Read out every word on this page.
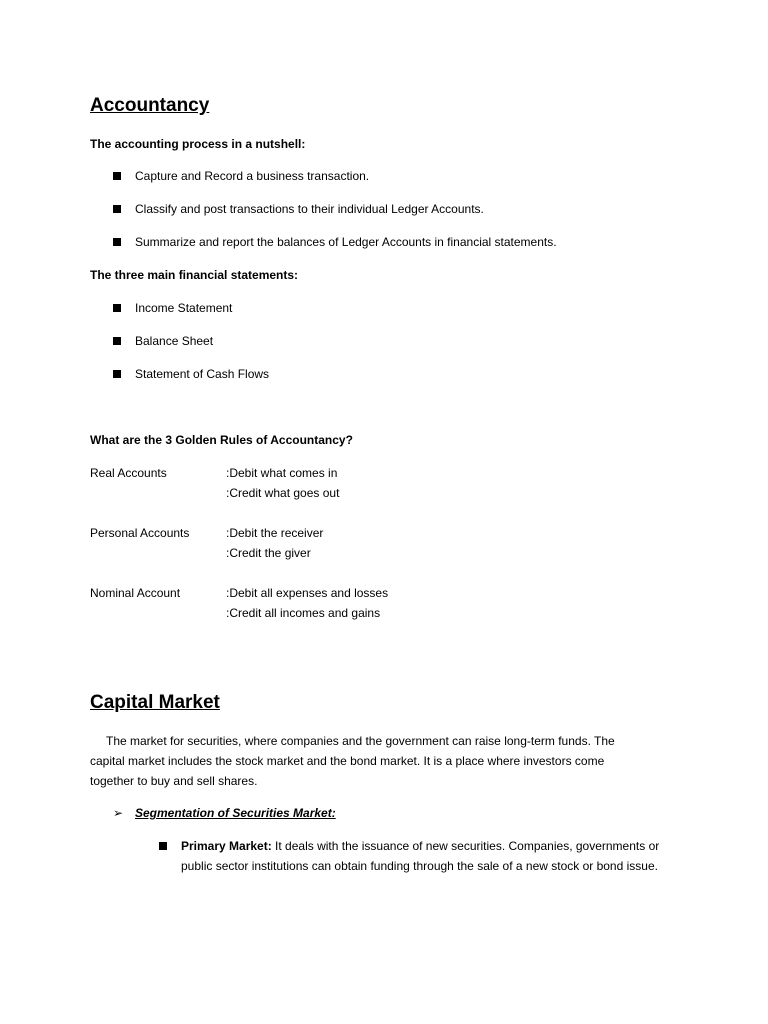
Accountancy
The accounting process in a nutshell:
Capture and Record a business transaction.
Classify and post transactions to their individual Ledger Accounts.
Summarize and report the balances of Ledger Accounts in financial statements.
The three main financial statements:
Income Statement
Balance Sheet
Statement of Cash Flows
What are the 3 Golden Rules of Accountancy?
Real Accounts	:Debit what comes in
:Credit what goes out
Personal Accounts	:Debit the receiver
:Credit the giver
Nominal Account	:Debit all expenses and losses
:Credit all incomes and gains
Capital Market
The market for securities, where companies and the government can raise long-term funds. The capital market includes the stock market and the bond market. It is a place where investors come together to buy and sell shares.
➢ Segmentation of Securities Market:
Primary Market: It deals with the issuance of new securities. Companies, governments or public sector institutions can obtain funding through the sale of a new stock or bond issue.
